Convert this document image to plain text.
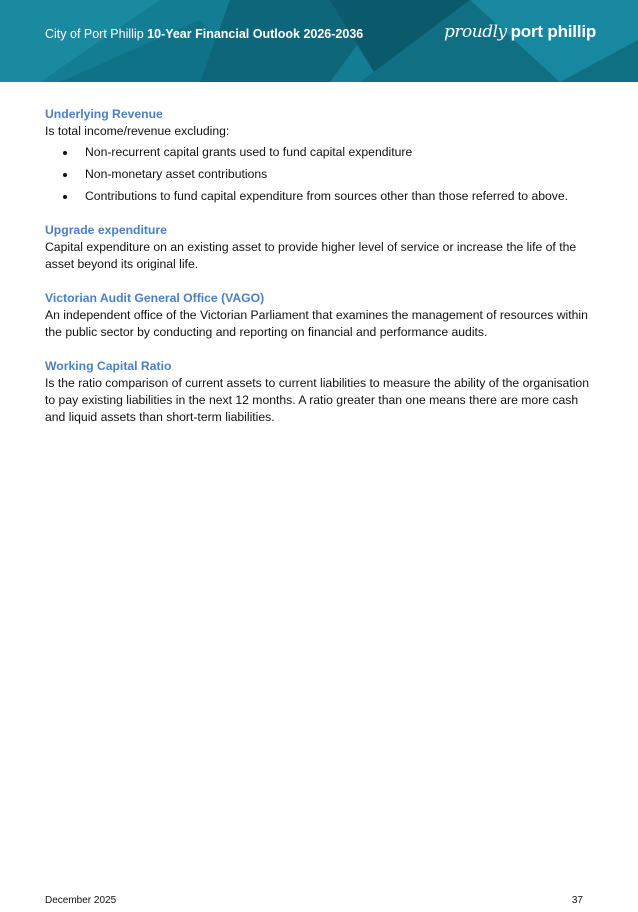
City of Port Phillip 10-Year Financial Outlook 2026-2036	proudly port phillip
Underlying Revenue

Is total income/revenue excluding:

Non-recurrent capital grants used to fund capital expenditure
Non-monetary asset contributions
Contributions to fund capital expenditure from sources other than those referred to above.
Upgrade expenditure

Capital expenditure on an existing asset to provide higher level of service or increase the life of the asset beyond its original life.

Victorian Audit General Office (VAGO)

An independent office of the Victorian Parliament that examines the management of resources within the public sector by conducting and reporting on financial and performance audits.

Working Capital Ratio

Is the ratio comparison of current assets to current liabilities to measure the ability of the organisation to pay existing liabilities in the next 12 months. A ratio greater than one means there are more cash and liquid assets than short-term liabilities.

December 2025	37
